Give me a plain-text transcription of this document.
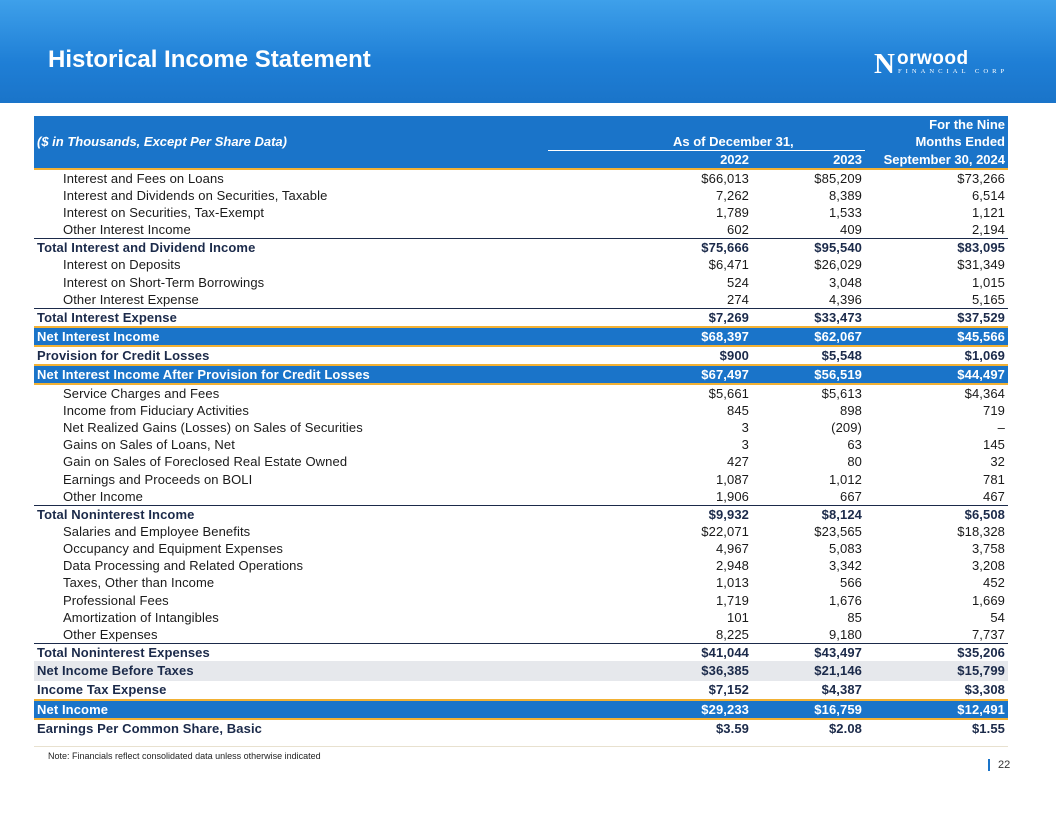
Historical Income Statement	N orwood
FINANCIAL CORP
			For the Nine
($ in Thousands, Except Per Share Data)	As of December 31,		Months Ended
	2022	2023	September 30, 2024
Interest and Fees on Loans	$66,013	$85,209	$73,266
Interest and Dividends on Securities, Taxable	7,262	8,389	6,514
Interest on Securities, Tax-Exempt	1,789	1,533	1,121
Other Interest Income	602	409	2,194
Total Interest and Dividend Income	$75,666	$95,540	$83,095
Interest on Deposits	$6,471	$26,029	$31,349
Interest on Short-Term Borrowings	524	3,048	1,015
Other Interest Expense	274	4,396	5,165
Total Interest Expense	$7,269	$33,473	$37,529
Net Interest Income	$68,397	$62,067	$45,566
Provision for Credit Losses	$900	$5,548	$1,069
Net Interest Income After Provision for Credit Losses	$67,497	$56,519	$44,497
Service Charges and Fees	$5,661	$5,613	$4,364
Income from Fiduciary Activities	845	898	719
Net Realized Gains (Losses) on Sales of Securities	3	(209)	–
Gains on Sales of Loans, Net	3	63	145
Gain on Sales of Foreclosed Real Estate Owned	427	80	32
Earnings and Proceeds on BOLI	1,087	1,012	781
Other Income	1,906	667	467
Total Noninterest Income	$9,932	$8,124	$6,508
Salaries and Employee Benefits	$22,071	$23,565	$18,328
Occupancy and Equipment Expenses	4,967	5,083	3,758
Data Processing and Related Operations	2,948	3,342	3,208
Taxes, Other than Income	1,013	566	452
Professional Fees	1,719	1,676	1,669
Amortization of Intangibles	101	85	54
Other Expenses	8,225	9,180	7,737
Total Noninterest Expenses	$41,044	$43,497	$35,206
Net Income Before Taxes	$36,385	$21,146	$15,799
Income Tax Expense	$7,152	$4,387	$3,308
Net Income	$29,233	$16,759	$12,491
Earnings Per Common Share, Basic	$3.59	$2.08	$1.55
Note: Financials reflect consolidated data unless otherwise indicated
22
